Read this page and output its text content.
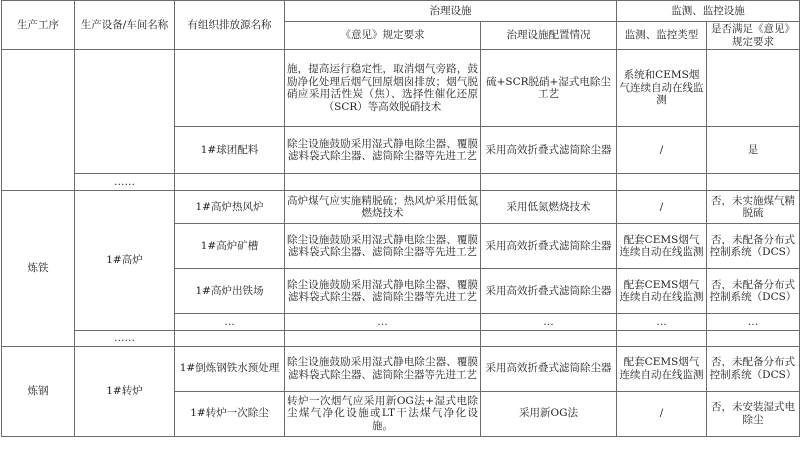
生产工序	生产设备/车间名称	有组织排放源名称	治理设施		监测、监控设施	
			《意见》规定要求	治理设施配置情况	监测、监控类型	是否满足《意见》规定要求
			施，提高运行稳定性，取消烟气旁路，鼓励净化处理后烟气回原烟囱排放；烟气脱硝应采用活性炭（焦）、选择性催化还原（SCR）等高效脱硝技术	硫+SCR脱硝+湿式电除尘工艺	系统和CEMS烟气连续自动在线监测	
		1#球团配料	除尘设施鼓励采用湿式静电除尘器、覆膜滤料袋式除尘器、滤筒除尘器等先进工艺	采用高效折叠式滤筒除尘器	/	是
	……					
炼铁	1#高炉	1#高炉热风炉	高炉煤气应实施精脱硫；热风炉采用低氮燃烧技术	采用低氮燃烧技术	/	否，未实施煤气精脱硫
		1#高炉矿槽	除尘设施鼓励采用湿式静电除尘器、覆膜滤料袋式除尘器、滤筒除尘器等先进工艺	采用高效折叠式滤筒除尘器	配套CEMS烟气连续自动在线监测	否，未配备分布式控制系统（DCS）
		1#高炉出铁场	除尘设施鼓励采用湿式静电除尘器、覆膜滤料袋式除尘器、滤筒除尘器等先进工艺	采用高效折叠式滤筒除尘器	配套CEMS烟气连续自动在线监测	否，未配备分布式控制系统（DCS）
		…	…	…	…	…
	……					
炼钢	1#转炉	1#倒炼钢铁水预处理	除尘设施鼓励采用湿式静电除尘器、覆膜滤料袋式除尘器、滤筒除尘器等先进工艺	采用高效折叠式滤筒除尘器	配套CEMS烟气连续自动在线监测	否，未配备分布式控制系统（DCS）
		1#转炉一次除尘	转炉一次烟气应采用新OG法+湿式电除尘煤气净化设施或LT干法煤气净化设施。	采用新OG法	/	否，未安装湿式电除尘
